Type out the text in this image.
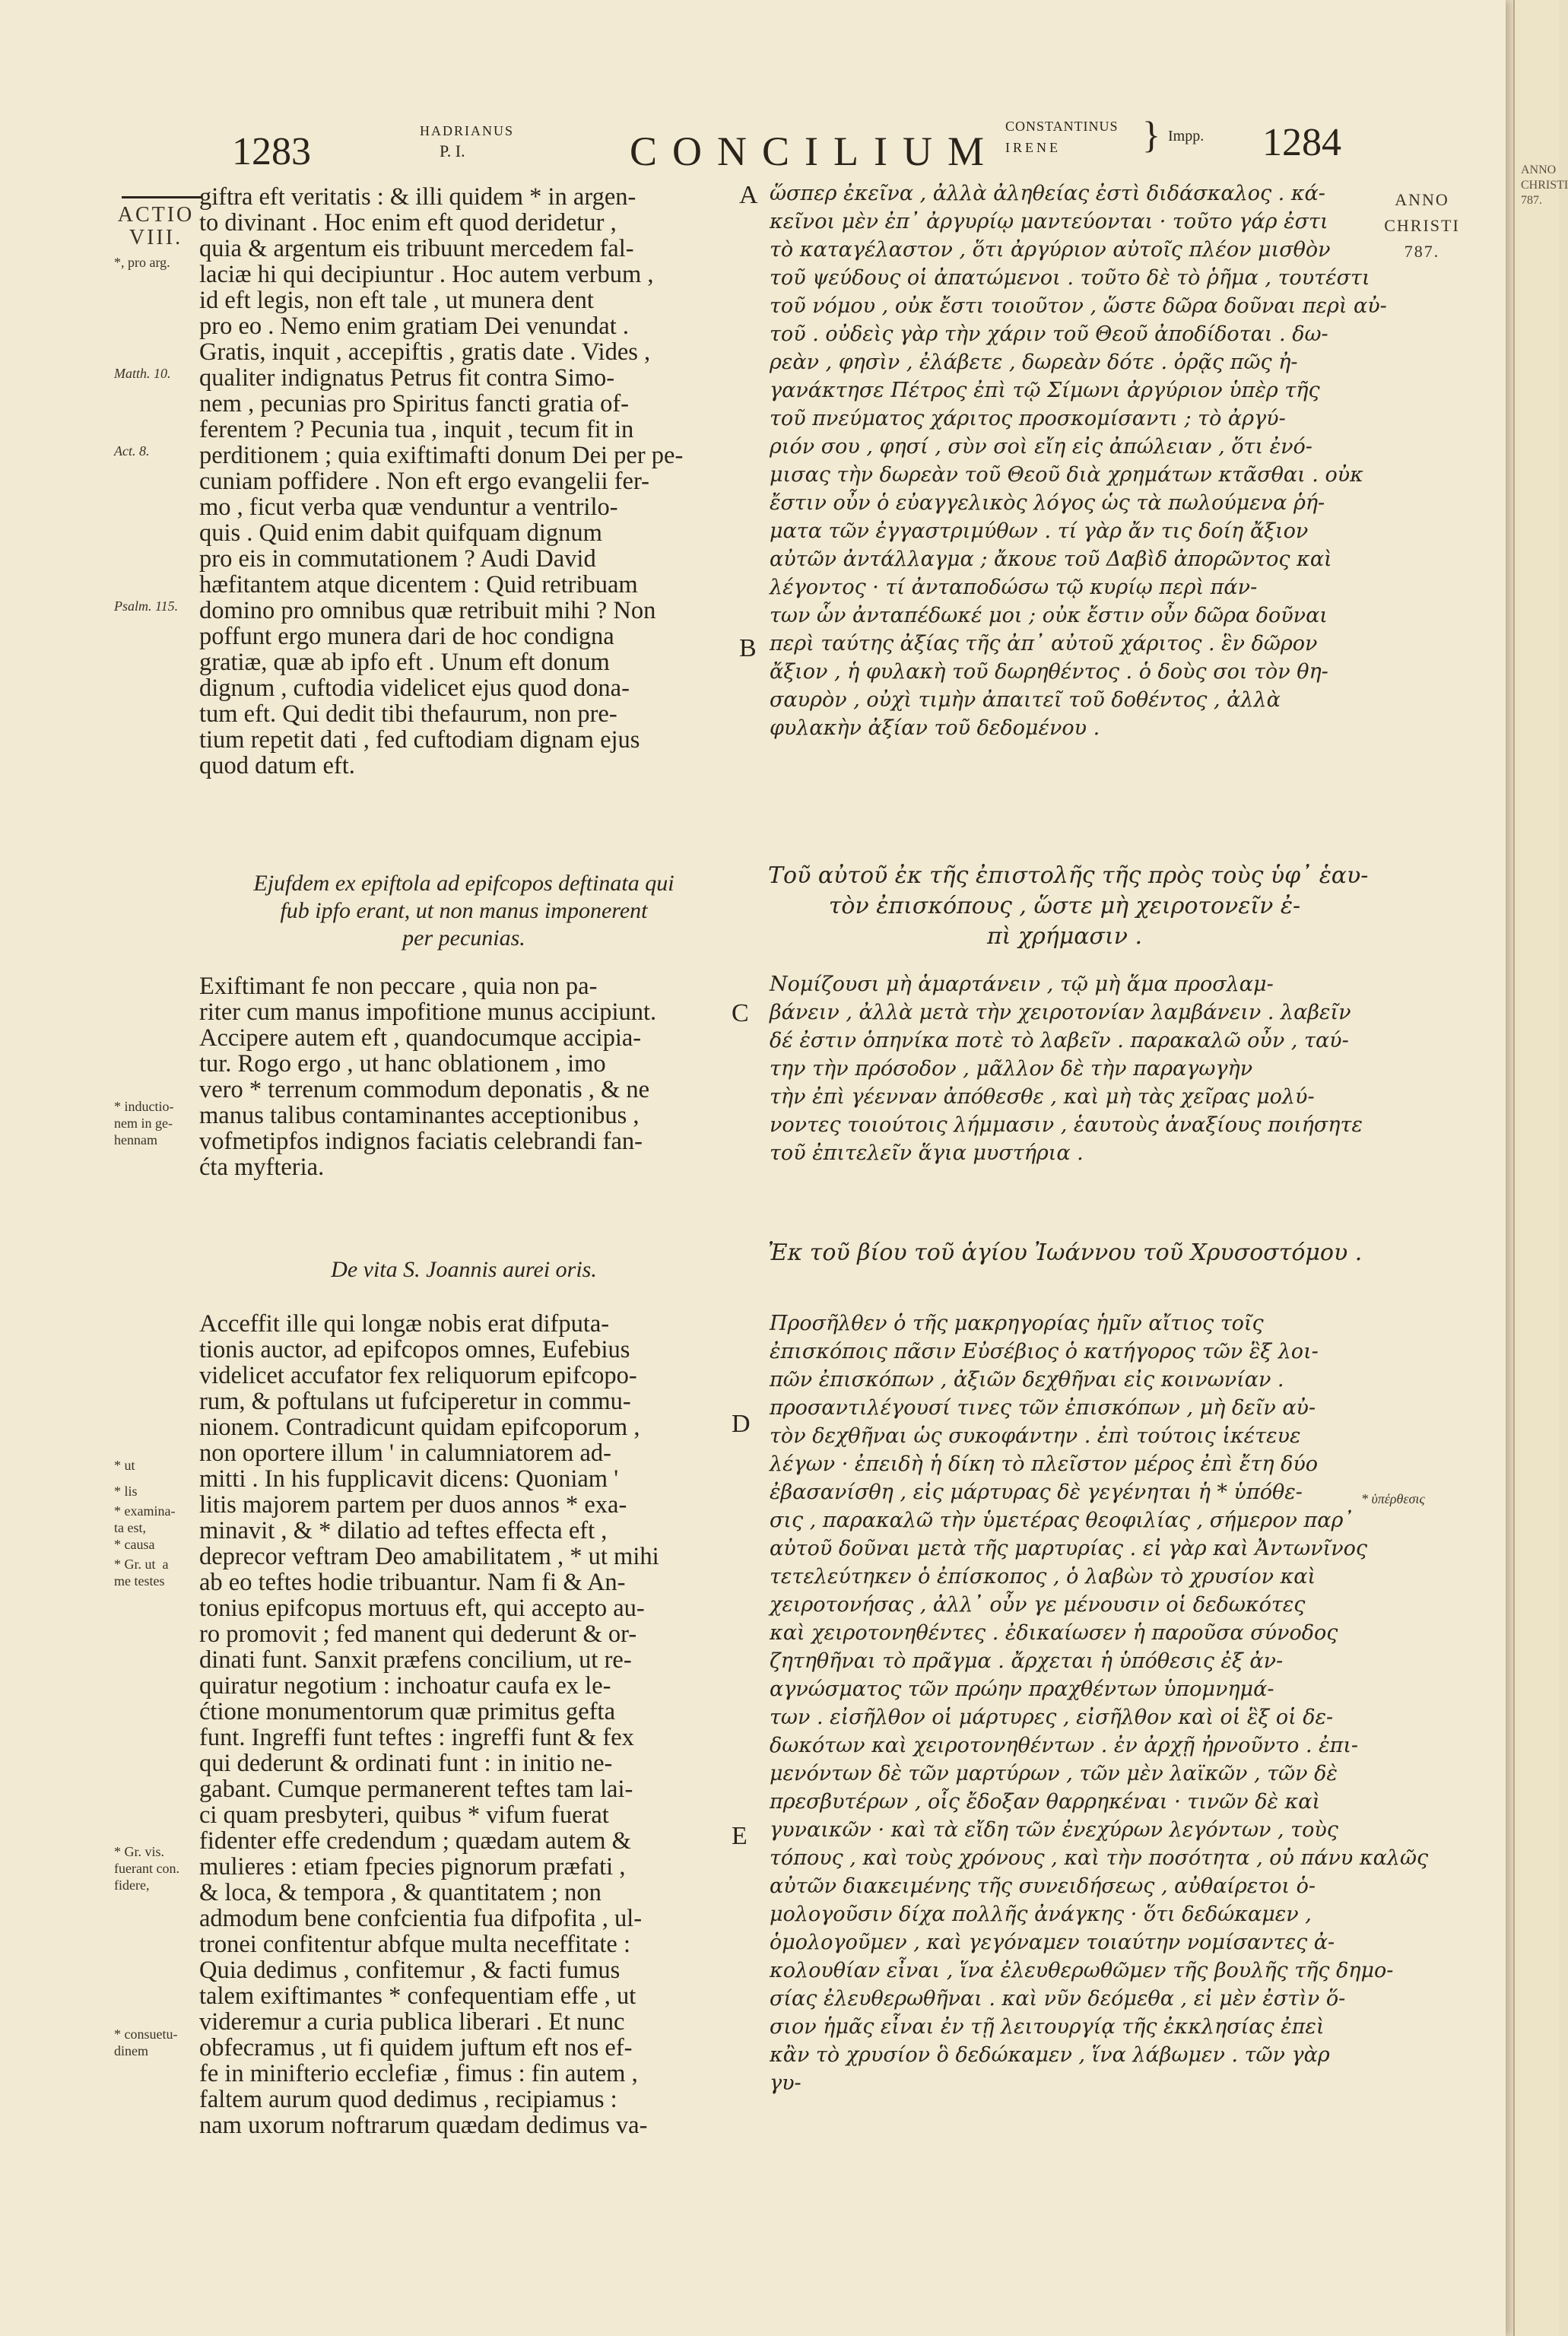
1283	HADRIANUS
P. I.	CONCILIUM
CONSTANTINUS
IRENE } Impp. 1284
ACTIO
VIII.
*, pro arg.
Matth. 10.
Act. 8.
Psalm. 115.
* inductio-
nem in ge-
hennam
* ut
* lis
* examina-
ta est,
* causa
* Gr. ut  a
me testes
* Gr. vis.
fuerant con.
fidere,
* consuetu-
dinem
ANNO
CHRISTI
787.
* ὑπέρθεσις
A
B
C
D
E
giftra eft veritatis : & illi quidem * in argen-
to divinant . Hoc enim eft quod deridetur ,
quia & argentum eis tribuunt mercedem fal-
laciæ hi qui decipiuntur . Hoc autem verbum ,
id eft legis, non eft tale , ut munera dent
pro eo . Nemo enim gratiam Dei venundat .
Gratis, inquit , accepiftis , gratis date . Vides ,
qualiter indignatus Petrus fit contra Simo-
nem , pecunias pro Spiritus fancti gratia of-
ferentem ? Pecunia tua , inquit , tecum fit in
perditionem ; quia exiftimafti donum Dei per pe-
cuniam poffidere . Non eft ergo evangelii fer-
mo , ficut verba quæ venduntur a ventrilo-
quis . Quid enim dabit quifquam dignum
pro eis in commutationem ? Audi David
hæfitantem atque dicentem : Quid retribuam
domino pro omnibus quæ retribuit mihi ? Non
poffunt ergo munera dari de hoc condigna
gratiæ, quæ ab ipfo eft . Unum eft donum
dignum , cuftodia videlicet ejus quod dona-
tum eft. Qui dedit tibi thefaurum, non pre-
tium repetit dati , fed cuftodiam dignam ejus
quod datum eft.
Ejufdem ex epiftola ad epifcopos deftinata qui
fub ipfo erant, ut non manus imponerent
per pecunias.
Exiftimant fe non peccare , quia non pa-
riter cum manus impofitione munus accipiunt.
Accipere autem eft , quandocumque accipia-
tur. Rogo ergo , ut hanc oblationem , imo
vero * terrenum commodum deponatis , & ne
manus talibus contaminantes acceptionibus ,
vofmetipfos indignos faciatis celebrandi fan-
ćta myfteria.
De vita S. Joannis aurei oris.
Acceffit ille qui longæ nobis erat difputa-
tionis auctor, ad epifcopos omnes, Eufebius
videlicet accufator fex reliquorum epifcopo-
rum, & poftulans ut fufciperetur in commu-
nionem. Contradicunt quidam epifcoporum ,
non oportere illum ' in calumniatorem ad-
mitti . In his fupplicavit dicens: Quoniam '
litis majorem partem per duos annos * exa-
minavit , & * dilatio ad teftes effecta eft ,
deprecor veftram Deo amabilitatem , * ut mihi
ab eo teftes hodie tribuantur. Nam fi & An-
tonius epifcopus mortuus eft, qui accepto au-
ro promovit ; fed manent qui dederunt & or-
dinati funt. Sanxit præfens concilium, ut re-
quiratur negotium : inchoatur caufa ex le-
ćtione monumentorum quæ primitus gefta
funt. Ingreffi funt teftes : ingreffi funt & fex
qui dederunt & ordinati funt : in initio ne-
gabant. Cumque permanerent teftes tam lai-
ci quam presbyteri, quibus * vifum fuerat
fidenter effe credendum ; quædam autem &
mulieres : etiam fpecies pignorum præfati ,
& loca, & tempora , & quantitatem ; non
admodum bene confcientia fua difpofita , ul-
tronei confitentur abfque multa neceffitate :
Quia dedimus , confitemur , & facti fumus
talem exiftimantes * confequentiam effe , ut
videremur a curia publica liberari . Et nunc
obfecramus , ut fi quidem juftum eft nos ef-
fe in minifterio ecclefiæ , fimus : fin autem ,
faltem aurum quod dedimus , recipiamus :
nam uxorum noftrarum quædam dedimus va-
ὥσπερ ἐκεῖνα , ἀλλὰ ἀληθείας ἐστὶ διδάσκαλος . κά-
κεῖνοι μὲν ἐπ᾽ ἀργυρίῳ μαντεύονται · τοῦτο γάρ ἐστι
τὸ καταγέλαστον , ὅτι ἀργύριον αὐτοῖς πλέον μισθὸν
τοῦ ψεύδους οἱ ἀπατώμενοι . τοῦτο δὲ τὸ ῥῆμα , τουτέστι
τοῦ νόμου , οὐκ ἔστι τοιοῦτον , ὥστε δῶρα δοῦναι περὶ αὐ-
τοῦ . οὐδεὶς γὰρ τὴν χάριν τοῦ Θεοῦ ἀποδίδοται . δω-
ρεὰν , φησὶν , ἐλάβετε , δωρεὰν δότε . ὁρᾷς πῶς ἠ-
γανάκτησε Πέτρος ἐπὶ τῷ Σίμωνι ἀργύριον ὑπὲρ τῆς
τοῦ πνεύματος χάριτος προσκομίσαντι ; τὸ ἀργύ-
ριόν σου , φησί , σὺν σοὶ εἴη εἰς ἀπώλειαν , ὅτι ἐνό-
μισας τὴν δωρεὰν τοῦ Θεοῦ διὰ χρημάτων κτᾶσθαι . οὐκ
ἔστιν οὖν ὁ εὐαγγελικὸς λόγος ὡς τὰ πωλούμενα ῥή-
ματα τῶν ἐγγαστριμύθων . τί γὰρ ἄν τις δοίη ἄξιον
αὐτῶν ἀντάλλαγμα ; ἄκουε τοῦ Δαβὶδ ἀπορῶντος καὶ
λέγοντος · τί ἀνταποδώσω τῷ κυρίῳ περὶ πάν-
των ὧν ἀνταπέδωκέ μοι ; οὐκ ἔστιν οὖν δῶρα δοῦναι
περὶ ταύτης ἀξίας τῆς ἀπ᾽ αὐτοῦ χάριτος . ἓν δῶρον
ἄξιον , ἡ φυλακὴ τοῦ δωρηθέντος . ὁ δοὺς σοι τὸν θη-
σαυρὸν , οὐχὶ τιμὴν ἀπαιτεῖ τοῦ δοθέντος , ἀλλὰ
φυλακὴν ἀξίαν τοῦ δεδομένου .
Τοῦ αὐτοῦ ἐκ τῆς ἐπιστολῆς τῆς πρὸς τοὺς ὑφ᾽ ἑαυ-
τὸν ἐπισκόπους , ὥστε μὴ χειροτονεῖν ἐ-
πὶ χρήμασιν .
Νομίζουσι μὴ ἁμαρτάνειν , τῷ μὴ ἅμα προσλαμ-
βάνειν , ἀλλὰ μετὰ τὴν χειροτονίαν λαμβάνειν . λαβεῖν
δέ ἐστιν ὁπηνίκα ποτὲ τὸ λαβεῖν . παρακαλῶ οὖν , ταύ-
την τὴν πρόσοδον , μᾶλλον δὲ τὴν παραγωγὴν
τὴν ἐπὶ γέενναν ἀπόθεσθε , καὶ μὴ τὰς χεῖρας μολύ-
νοντες τοιούτοις λήμμασιν , ἑαυτοὺς ἀναξίους ποιήσητε
τοῦ ἐπιτελεῖν ἅγια μυστήρια .
Ἐκ τοῦ βίου τοῦ ἁγίου Ἰωάννου τοῦ Χρυσοστόμου .
Προσῆλθεν ὁ τῆς μακρηγορίας ἡμῖν αἴτιος τοῖς
ἐπισκόποις πᾶσιν Εὐσέβιος ὁ κατήγορος τῶν ἓξ λοι-
πῶν ἐπισκόπων , ἀξιῶν δεχθῆναι εἰς κοινωνίαν .
προσαντιλέγουσί τινες τῶν ἐπισκόπων , μὴ δεῖν αὐ-
τὸν δεχθῆναι ὡς συκοφάντην . ἐπὶ τούτοις ἱκέτευε
λέγων · ἐπειδὴ ἡ δίκη τὸ πλεῖστον μέρος ἐπὶ ἔτη δύο
ἐβασανίσθη , εἰς μάρτυρας δὲ γεγένηται ἡ * ὑπόθε-
σις , παρακαλῶ τὴν ὑμετέρας θεοφιλίας , σήμερον παρ᾽
αὐτοῦ δοῦναι μετὰ τῆς μαρτυρίας . εἰ γὰρ καὶ Ἀντωνῖνος
τετελεύτηκεν ὁ ἐπίσκοπος , ὁ λαβὼν τὸ χρυσίον καὶ
χειροτονήσας , ἀλλ᾽ οὖν γε μένουσιν οἱ δεδωκότες
καὶ χειροτονηθέντες . ἐδικαίωσεν ἡ παροῦσα σύνοδος
ζητηθῆναι τὸ πρᾶγμα . ἄρχεται ἡ ὑπόθεσις ἐξ ἀν-
αγνώσματος τῶν πρώην πραχθέντων ὑπομνημά-
των . εἰσῆλθον οἱ μάρτυρες , εἰσῆλθον καὶ οἱ ἓξ οἱ δε-
δωκότων καὶ χειροτονηθέντων . ἐν ἀρχῇ ἠρνοῦντο . ἐπι-
μενόντων δὲ τῶν μαρτύρων , τῶν μὲν λαϊκῶν , τῶν δὲ
πρεσβυτέρων , οἷς ἔδοξαν θαρρηκέναι · τινῶν δὲ καὶ
γυναικῶν · καὶ τὰ εἴδη τῶν ἐνεχύρων λεγόντων , τοὺς
τόπους , καὶ τοὺς χρόνους , καὶ τὴν ποσότητα , οὐ πάνυ καλῶς
αὐτῶν διακειμένης τῆς συνειδήσεως , αὐθαίρετοι ὁ-
μολογοῦσιν δίχα πολλῆς ἀνάγκης · ὅτι δεδώκαμεν ,
ὁμολογοῦμεν , καὶ γεγόναμεν τοιαύτην νομίσαντες ἀ-
κολουθίαν εἶναι , ἵνα ἐλευθερωθῶμεν τῆς βουλῆς τῆς δημο-
σίας ἐλευθερωθῆναι . καὶ νῦν δεόμεθα , εἰ μὲν ἐστὶν ὅ-
σιον ἡμᾶς εἶναι ἐν τῇ λειτουργίᾳ τῆς ἐκκλησίας ἐπεὶ
κἂν τὸ χρυσίον ὃ δεδώκαμεν , ἵνα λάβωμεν . τῶν γὰρ
γυ-
ANNO
CHRISTI
787.
